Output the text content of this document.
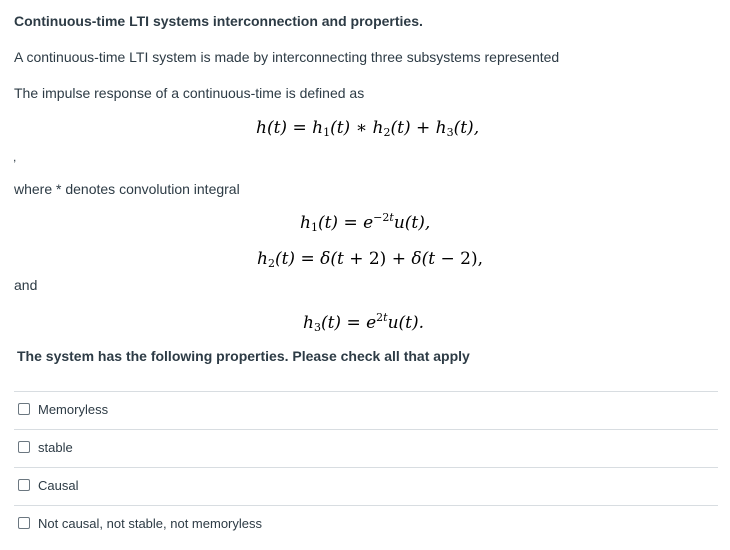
Continuous-time LTI systems interconnection and properties.
A continuous-time LTI system is made by interconnecting three subsystems represented
The impulse response of a continuous-time is defined as
$h(t) = h_1(t)$ ∗ $h_2(t) + h_3(t)$,
,
where * denotes convolution integral
$h_1(t) = e^{-2t}u(t)$,
$h_2(t) = \delta(t + 2) + \delta(t - 2)$,
and
$h_3(t) = e^{2t}u(t)$.
The system has the following properties. Please check all that apply
Memoryless
stable
Causal
Not causal, not stable, not memoryless
